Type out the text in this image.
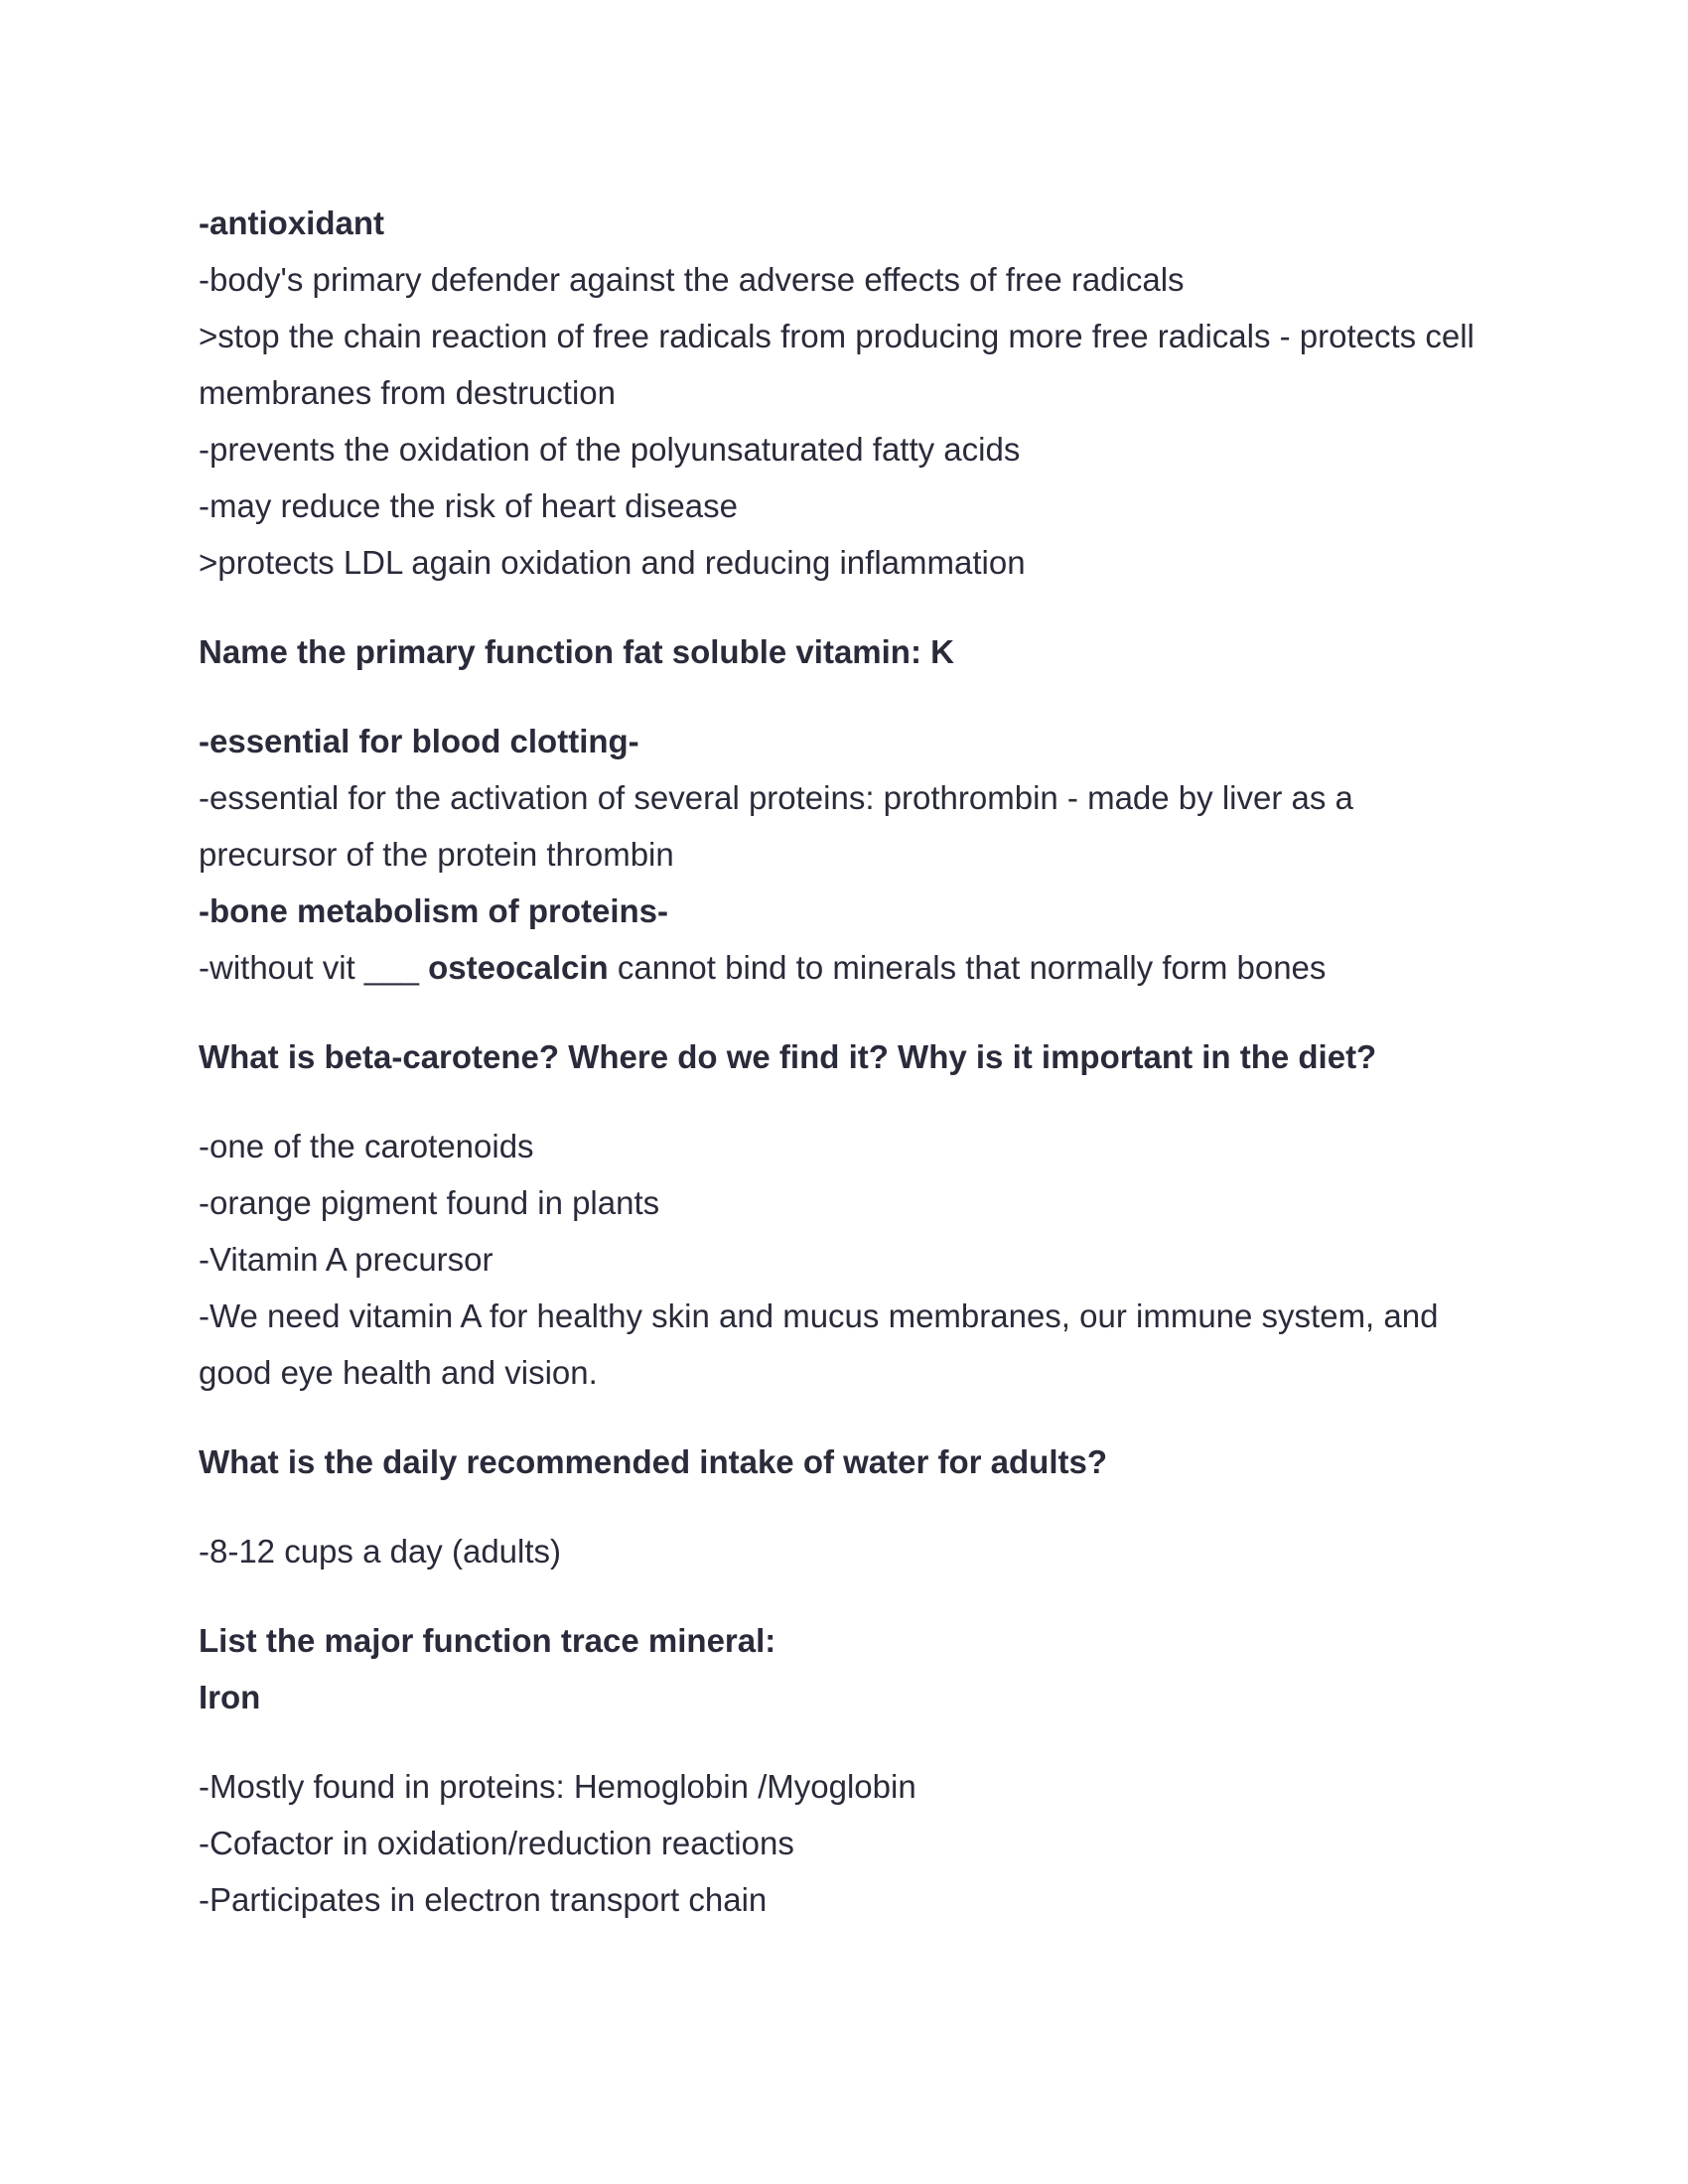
-antioxidant

-body's primary defender against the adverse effects of free radicals

>stop the chain reaction of free radicals from producing more free radicals - protects cell

membranes from destruction

-prevents the oxidation of the polyunsaturated fatty acids

-may reduce the risk of heart disease

>protects LDL again oxidation and reducing inflammation

Name the primary function fat soluble vitamin: K

-essential for blood clotting-

-essential for the activation of several proteins: prothrombin - made by liver as a

precursor of the protein thrombin

-bone metabolism of proteins-

-without vit ___ osteocalcin cannot bind to minerals that normally form bones

What is beta-carotene? Where do we find it? Why is it important in the diet?

-one of the carotenoids

-orange pigment found in plants

-Vitamin A precursor

-We need vitamin A for healthy skin and mucus membranes, our immune system, and

good eye health and vision.

What is the daily recommended intake of water for adults?

-8-12 cups a day (adults)

List the major function trace mineral:

Iron

-Mostly found in proteins: Hemoglobin /Myoglobin

-Cofactor in oxidation/reduction reactions

-Participates in electron transport chain
